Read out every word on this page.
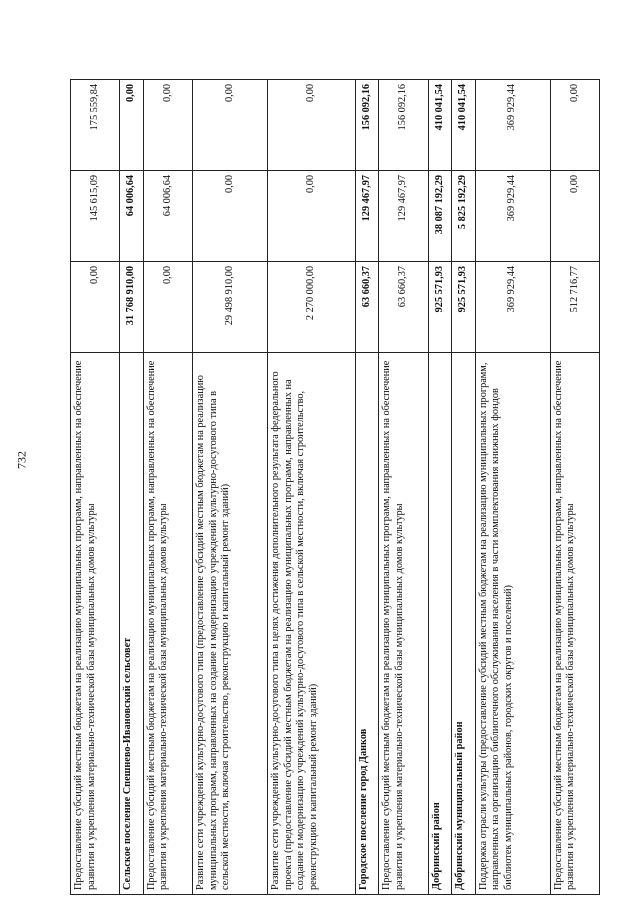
732	Предоставление субсидий местным бюджетам на реализацию муниципальных программ, направленных на обеспечение развития и укрепления материально-технической базы муниципальных домов культуры	0,00	145 615,09	175 559,84
Сельское поселение Спешнево-Ивановский сельсовет	31 768 910,00	64 006,64	0,00
Предоставление субсидий местным бюджетам на реализацию муниципальных программ, направленных на обеспечение развития и укрепления материально-технической базы муниципальных домов культуры	0,00	64 006,64	0,00
Развитие сети учреждений культурно-досугового типа (предоставление субсидий местным бюджетам на реализацию муниципальных программ, направленных на создание и модернизацию учреждений культурно-досугового типа в сельской местности, включая строительство, реконструкцию и капитальный ремонт зданий)	29 498 910,00	0,00	0,00
Развитие сети учреждений культурно-досугового типа в целях достижения дополнительного результата федерального проекта (предоставление субсидий местным бюджетам на реализацию муниципальных программ, направленных на создание и модернизацию учреждений культурно-досугового типа в сельской местности, включая строительство, реконструкцию и капитальный ремонт зданий)	2 270 000,00	0,00	0,00
Городское поселение город Данков	63 660,37	129 467,97	156 092,16
Предоставление субсидий местным бюджетам на реализацию муниципальных программ, направленных на обеспечение развития и укрепления материально-технической базы муниципальных домов культуры	63 660,37	129 467,97	156 092,16
Добринский район	925 571,93	38 087 192,29	410 041,54
Добринский муниципальный район	925 571,93	5 825 192,29	410 041,54
Поддержка отрасли культуры (предоставление субсидий местным бюджетам на реализацию муниципальных программ, направленных на организацию библиотечного обслуживания населения в части комплектования книжных фондов библиотек муниципальных районов, городских округов и поселений)	369 929,44	369 929,44	369 929,44
Предоставление субсидий местным бюджетам на реализацию муниципальных программ, направленных на обеспечение развития и укрепления материально-технической базы муниципальных домов культуры	512 716,77	0,00	0,00
